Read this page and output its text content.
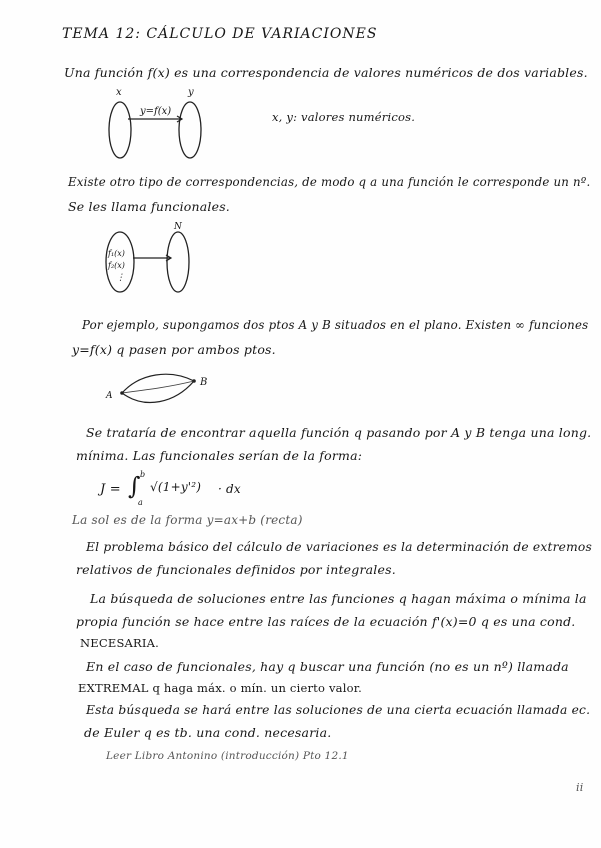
TEMA 12: CÁLCULO DE VARIACIONES
Una función f(x) es una correspondencia de valores numéricos de dos variables.
x	y
y=f(x)	x, y: valores numéricos.
Existe otro tipo de correspondencias, de modo q a una función le corresponde un nº.
Se les llama funcionales.
N
f₁(x)
f₂(x)
⋮
Por ejemplo, supongamos dos ptos A y B situados en el plano. Existen ∞ funciones
y=f(x) q pasen por ambos ptos.
A
B
Se trataría de encontrar aquella función q pasando por A y B tenga una long.
mínima. Las funcionales serían de la forma:
J = ∫ b
a
√(1+y'²) · dx
La sol es de la forma y=ax+b (recta)
El problema básico del cálculo de variaciones es la determinación de extremos
relativos de funcionales definidos por integrales.
La búsqueda de soluciones entre las funciones q hagan máxima o mínima la
propia función se hace entre las raíces de la ecuación f'(x)=0 q es una cond.
NECESARIA.
En el caso de funcionales, hay q buscar una función (no es un nº) llamada
EXTREMAL q haga máx. o mín. un cierto valor.
Esta búsqueda se hará entre las soluciones de una cierta ecuación llamada ec.
de Euler q es tb. una cond. necesaria.
Leer Libro Antonino (introducción) Pto 12.1
ii
